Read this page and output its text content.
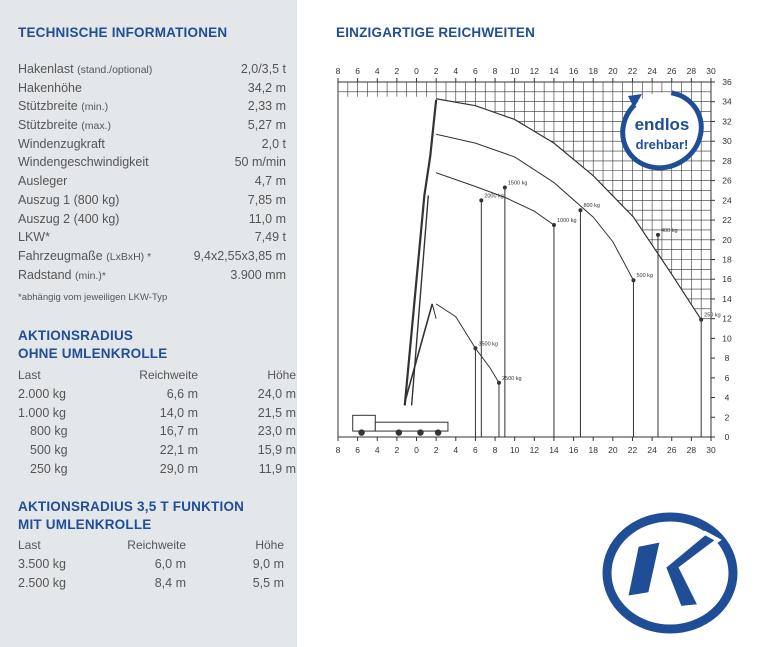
TECHNISCHE INFORMATIONEN
Hakenlast (stand./optional)	2,0/3,5 t
Hakenhöhe	34,2 m
Stützbreite (min.)	2,33 m
Stützbreite (max.)	5,27 m
Windenzugkraft	2,0 t
Windengeschwindigkeit	50 m/min
Ausleger	4,7 m
Auszug 1 (800 kg)	7,85 m
Auszug 2 (400 kg)	11,0 m
LKW*	7,49 t
Fahrzeugmaße (LxBxH) *	9,4x2,55x3,85 m
Radstand (min.)*	3.900 mm
*abhängig vom jeweiligen LKW-Typ
AKTIONSRADIUS
OHNE UMLENKROLLE
Last	Reichweite	Höhe
2.000 kg	6,6 m	24,0 m
1.000 kg	14,0 m	21,5 m
800 kg	16,7 m	23,0 m
500 kg	22,1 m	15,9 m
250 kg	29,0 m	11,9 m
AKTIONSRADIUS 3,5 T FUNKTION
MIT UMLENKROLLE
Last	Reichweite	Höhe
3.500 kg	6,0 m	9,0 m
2.500 kg	8,4 m	5,5 m
EINZIGARTIGE REICHWEITEN
8
8
6
6
4
4
2
2
0
0
2
2
4
4
6
6
8
8
10
10
12
12
14
14
16
16
18
18
20
20
22
22
24
24
26
26
28
28
30
30
0
2
4
6
8
10
12
14
16
18
20
22
24
26
28
30
32
34
36
2000 kg
1500 kg
1000 kg
800 kg
500 kg
400 kg
250 kg
3500 kg
2500 kg
endlos
drehbar!
